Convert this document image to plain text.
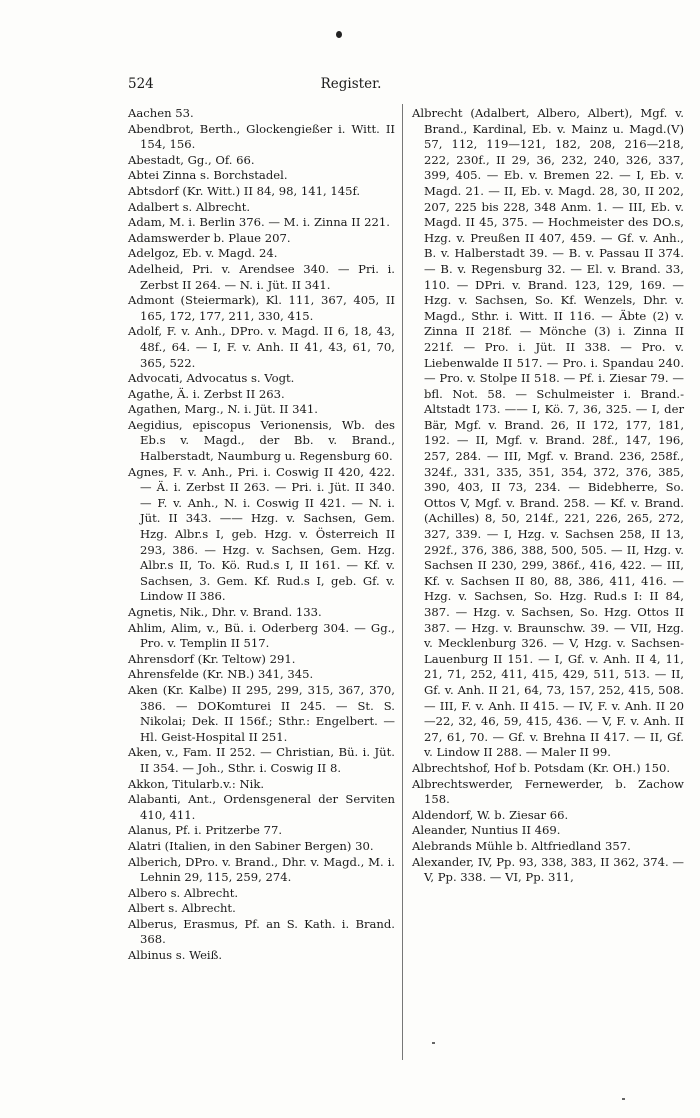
524	Register.

Aachen 53.

Abendbrot, Berth., Glockengießer i. Witt. II 154, 156.

Abestadt, Gg., Of. 66.

Abtei Zinna s. Borchstadel.

Abtsdorf (Kr. Witt.) II 84, 98, 141, 145f.

Adalbert s. Albrecht.

Adam, M. i. Berlin 376. — M. i. Zinna II 221.

Adamswerder b. Plaue 207.

Adelgoz, Eb. v. Magd. 24.

Adelheid, Pri. v. Arendsee 340. — Pri. i. Zerbst II 264. — N. i. Jüt. II 341.

Admont (Steiermark), Kl. 111, 367, 405, II 165, 172, 177, 211, 330, 415.

Adolf, F. v. Anh., DPro. v. Magd. II 6, 18, 43, 48f., 64. — I, F. v. Anh. II 41, 43, 61, 70, 365, 522.

Advocati, Advocatus s. Vogt.

Agathe, Ä. i. Zerbst II 263.

Agathen, Marg., N. i. Jüt. II 341.

Aegidius, episcopus Verionensis, Wb. des Eb.s v. Magd., der Bb. v. Brand., Halberstadt, Naumburg u. Regensburg 60.

Agnes, F. v. Anh., Pri. i. Coswig II 420, 422. — Ä. i. Zerbst II 263. — Pri. i. Jüt. II 340. — F. v. Anh., N. i. Coswig II 421. — N. i. Jüt. II 343. —— Hzg. v. Sachsen, Gem. Hzg. Albr.s I, geb. Hzg. v. Österreich II 293, 386. — Hzg. v. Sachsen, Gem. Hzg. Albr.s II, To. Kö. Rud.s I, II 161. — Kf. v. Sachsen, 3. Gem. Kf. Rud.s I, geb. Gf. v. Lindow II 386.

Agnetis, Nik., Dhr. v. Brand. 133.

Ahlim, Alim, v., Bü. i. Oderberg 304. — Gg., Pro. v. Templin II 517.

Ahrensdorf (Kr. Teltow) 291.

Ahrensfelde (Kr. NB.) 341, 345.

Aken (Kr. Kalbe) II 295, 299, 315, 367, 370, 386. — DOKomturei II 245. — St. S. Nikolai; Dek. II 156f.; Sthr.: Engelbert. — Hl. Geist-Hospital II 251.

Aken, v., Fam. II 252. — Christian, Bü. i. Jüt. II 354. — Joh., Sthr. i. Coswig II 8.

Akkon, Titularb.v.: Nik.

Alabanti, Ant., Ordensgeneral der Serviten 410, 411.

Alanus, Pf. i. Pritzerbe 77.

Alatri (Italien, in den Sabiner Bergen) 30.

Alberich, DPro. v. Brand., Dhr. v. Magd., M. i. Lehnin 29, 115, 259, 274.

Albero s. Albrecht.

Albert s. Albrecht.

Alberus, Erasmus, Pf. an S. Kath. i. Brand. 368.

Albinus s. Weiß.

Albrecht (Adalbert, Albero, Albert), Mgf. v. Brand., Kardinal, Eb. v. Mainz u. Magd.(V) 57, 112, 119—121, 182, 208, 216—218, 222, 230f., II 29, 36, 232, 240, 326, 337, 399, 405. — Eb. v. Bremen 22. — I, Eb. v. Magd. 21. — II, Eb. v. Magd. 28, 30, II 202, 207, 225 bis 228, 348 Anm. 1. — III, Eb. v. Magd. II 45, 375. — Hochmeister des DO.s, Hzg. v. Preußen II 407, 459. — Gf. v. Anh., B. v. Halberstadt 39. — B. v. Passau II 374. — B. v. Regensburg 32. — El. v. Brand. 33, 110. — DPri. v. Brand. 123, 129, 169. — Hzg. v. Sachsen, So. Kf. Wenzels, Dhr. v. Magd., Sthr. i. Witt. II 116. — Äbte (2) v. Zinna II 218f. — Mönche (3) i. Zinna II 221f. — Pro. i. Jüt. II 338. — Pro. v. Liebenwalde II 517. — Pro. i. Spandau 240. — Pro. v. Stolpe II 518. — Pf. i. Ziesar 79. — bfl. Not. 58. — Schulmeister i. Brand.-Altstadt 173. —— I, Kö. 7, 36, 325. — I, der Bär, Mgf. v. Brand. 26, II 172, 177, 181, 192. — II, Mgf. v. Brand. 28f., 147, 196, 257, 284. — III, Mgf. v. Brand. 236, 258f., 324f., 331, 335, 351, 354, 372, 376, 385, 390, 403, II 73, 234. — Bidebherre, So. Ottos V, Mgf. v. Brand. 258. — Kf. v. Brand. (Achilles) 8, 50, 214f., 221, 226, 265, 272, 327, 339. — I, Hzg. v. Sachsen 258, II 13, 292f., 376, 386, 388, 500, 505. — II, Hzg. v. Sachsen II 230, 299, 386f., 416, 422. — III, Kf. v. Sachsen II 80, 88, 386, 411, 416. — Hzg. v. Sachsen, So. Hzg. Rud.s I: II 84, 387. — Hzg. v. Sachsen, So. Hzg. Ottos II 387. — Hzg. v. Braunschw. 39. — VII, Hzg. v. Mecklenburg 326. — V, Hzg. v. Sachsen-Lauenburg II 151. — I, Gf. v. Anh. II 4, 11, 21, 71, 252, 411, 415, 429, 511, 513. — II, Gf. v. Anh. II 21, 64, 73, 157, 252, 415, 508. — III, F. v. Anh. II 415. — IV, F. v. Anh. II 20—22, 32, 46, 59, 415, 436. — V, F. v. Anh. II 27, 61, 70. — Gf. v. Brehna II 417. — II, Gf. v. Lindow II 288. — Maler II 99.

Albrechtshof, Hof b. Potsdam (Kr. OH.) 150.

Albrechtswerder, Fernewerder, b. Zachow 158.

Aldendorf, W. b. Ziesar 66.

Aleander, Nuntius II 469.

Alebrands Mühle b. Altfriedland 357.

Alexander, IV, Pp. 93, 338, 383, II 362, 374. — V, Pp. 338. — VI, Pp. 311,
